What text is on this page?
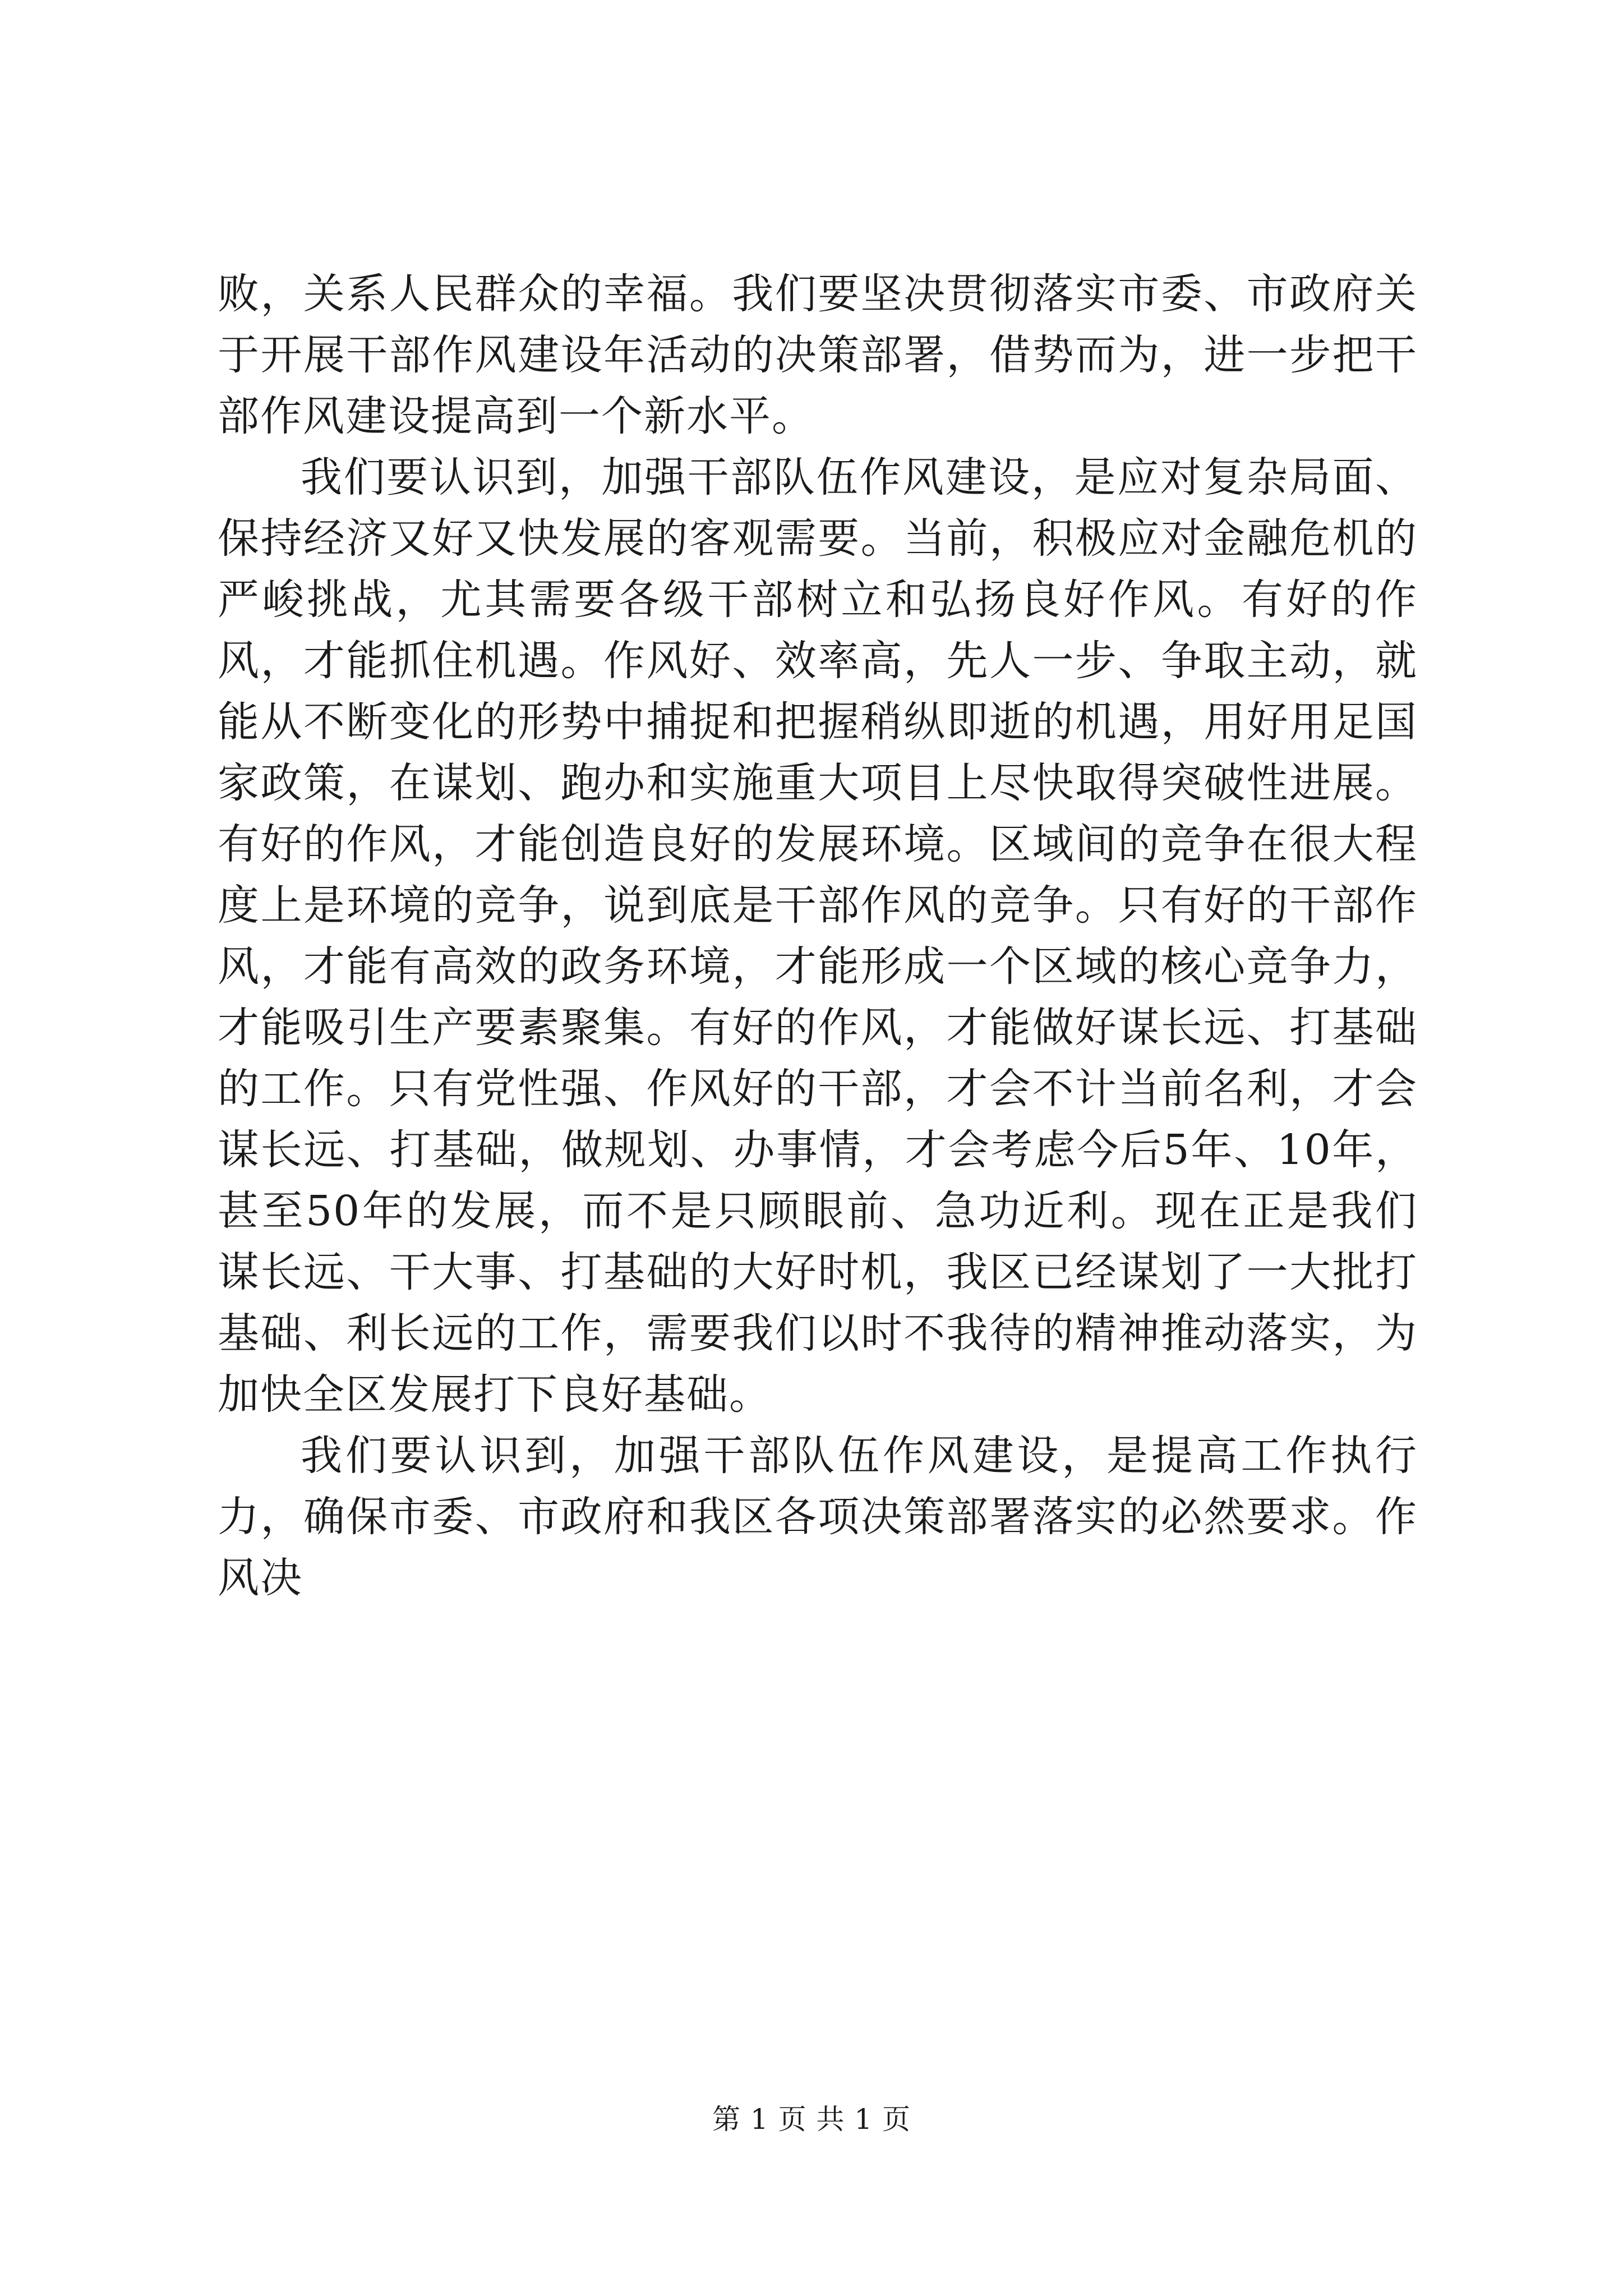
败，关系人民群众的幸福。我们要坚决贯彻落实市委、市政府关于开展干部作风建设年活动的决策部署，借势而为，进一步把干部作风建设提高到一个新水平。

我们要认识到，加强干部队伍作风建设，是应对复杂局面、保持经济又好又快发展的客观需要。当前，积极应对金融危机的严峻挑战，尤其需要各级干部树立和弘扬良好作风。有好的作风，才能抓住机遇。作风好、效率高，先人一步、争取主动，就能从不断变化的形势中捕捉和把握稍纵即逝的机遇，用好用足国家政策，在谋划、跑办和实施重大项目上尽快取得突破性进展。有好的作风，才能创造良好的发展环境。区域间的竞争在很大程度上是环境的竞争，说到底是干部作风的竞争。只有好的干部作风，才能有高效的政务环境，才能形成一个区域的核心竞争力，才能吸引生产要素聚集。有好的作风，才能做好谋长远、打基础的工作。只有党性强、作风好的干部，才会不计当前名利，才会谋长远、打基础，做规划、办事情，才会考虑今后5年、10年，甚至50年的发展，而不是只顾眼前、急功近利。现在正是我们谋长远、干大事、打基础的大好时机，我区已经谋划了一大批打基础、利长远的工作，需要我们以时不我待的精神推动落实，为加快全区发展打下良好基础。

我们要认识到，加强干部队伍作风建设，是提高工作执行力，确保市委、市政府和我区各项决策部署落实的必然要求。作风决

第 1 页 共 1 页
